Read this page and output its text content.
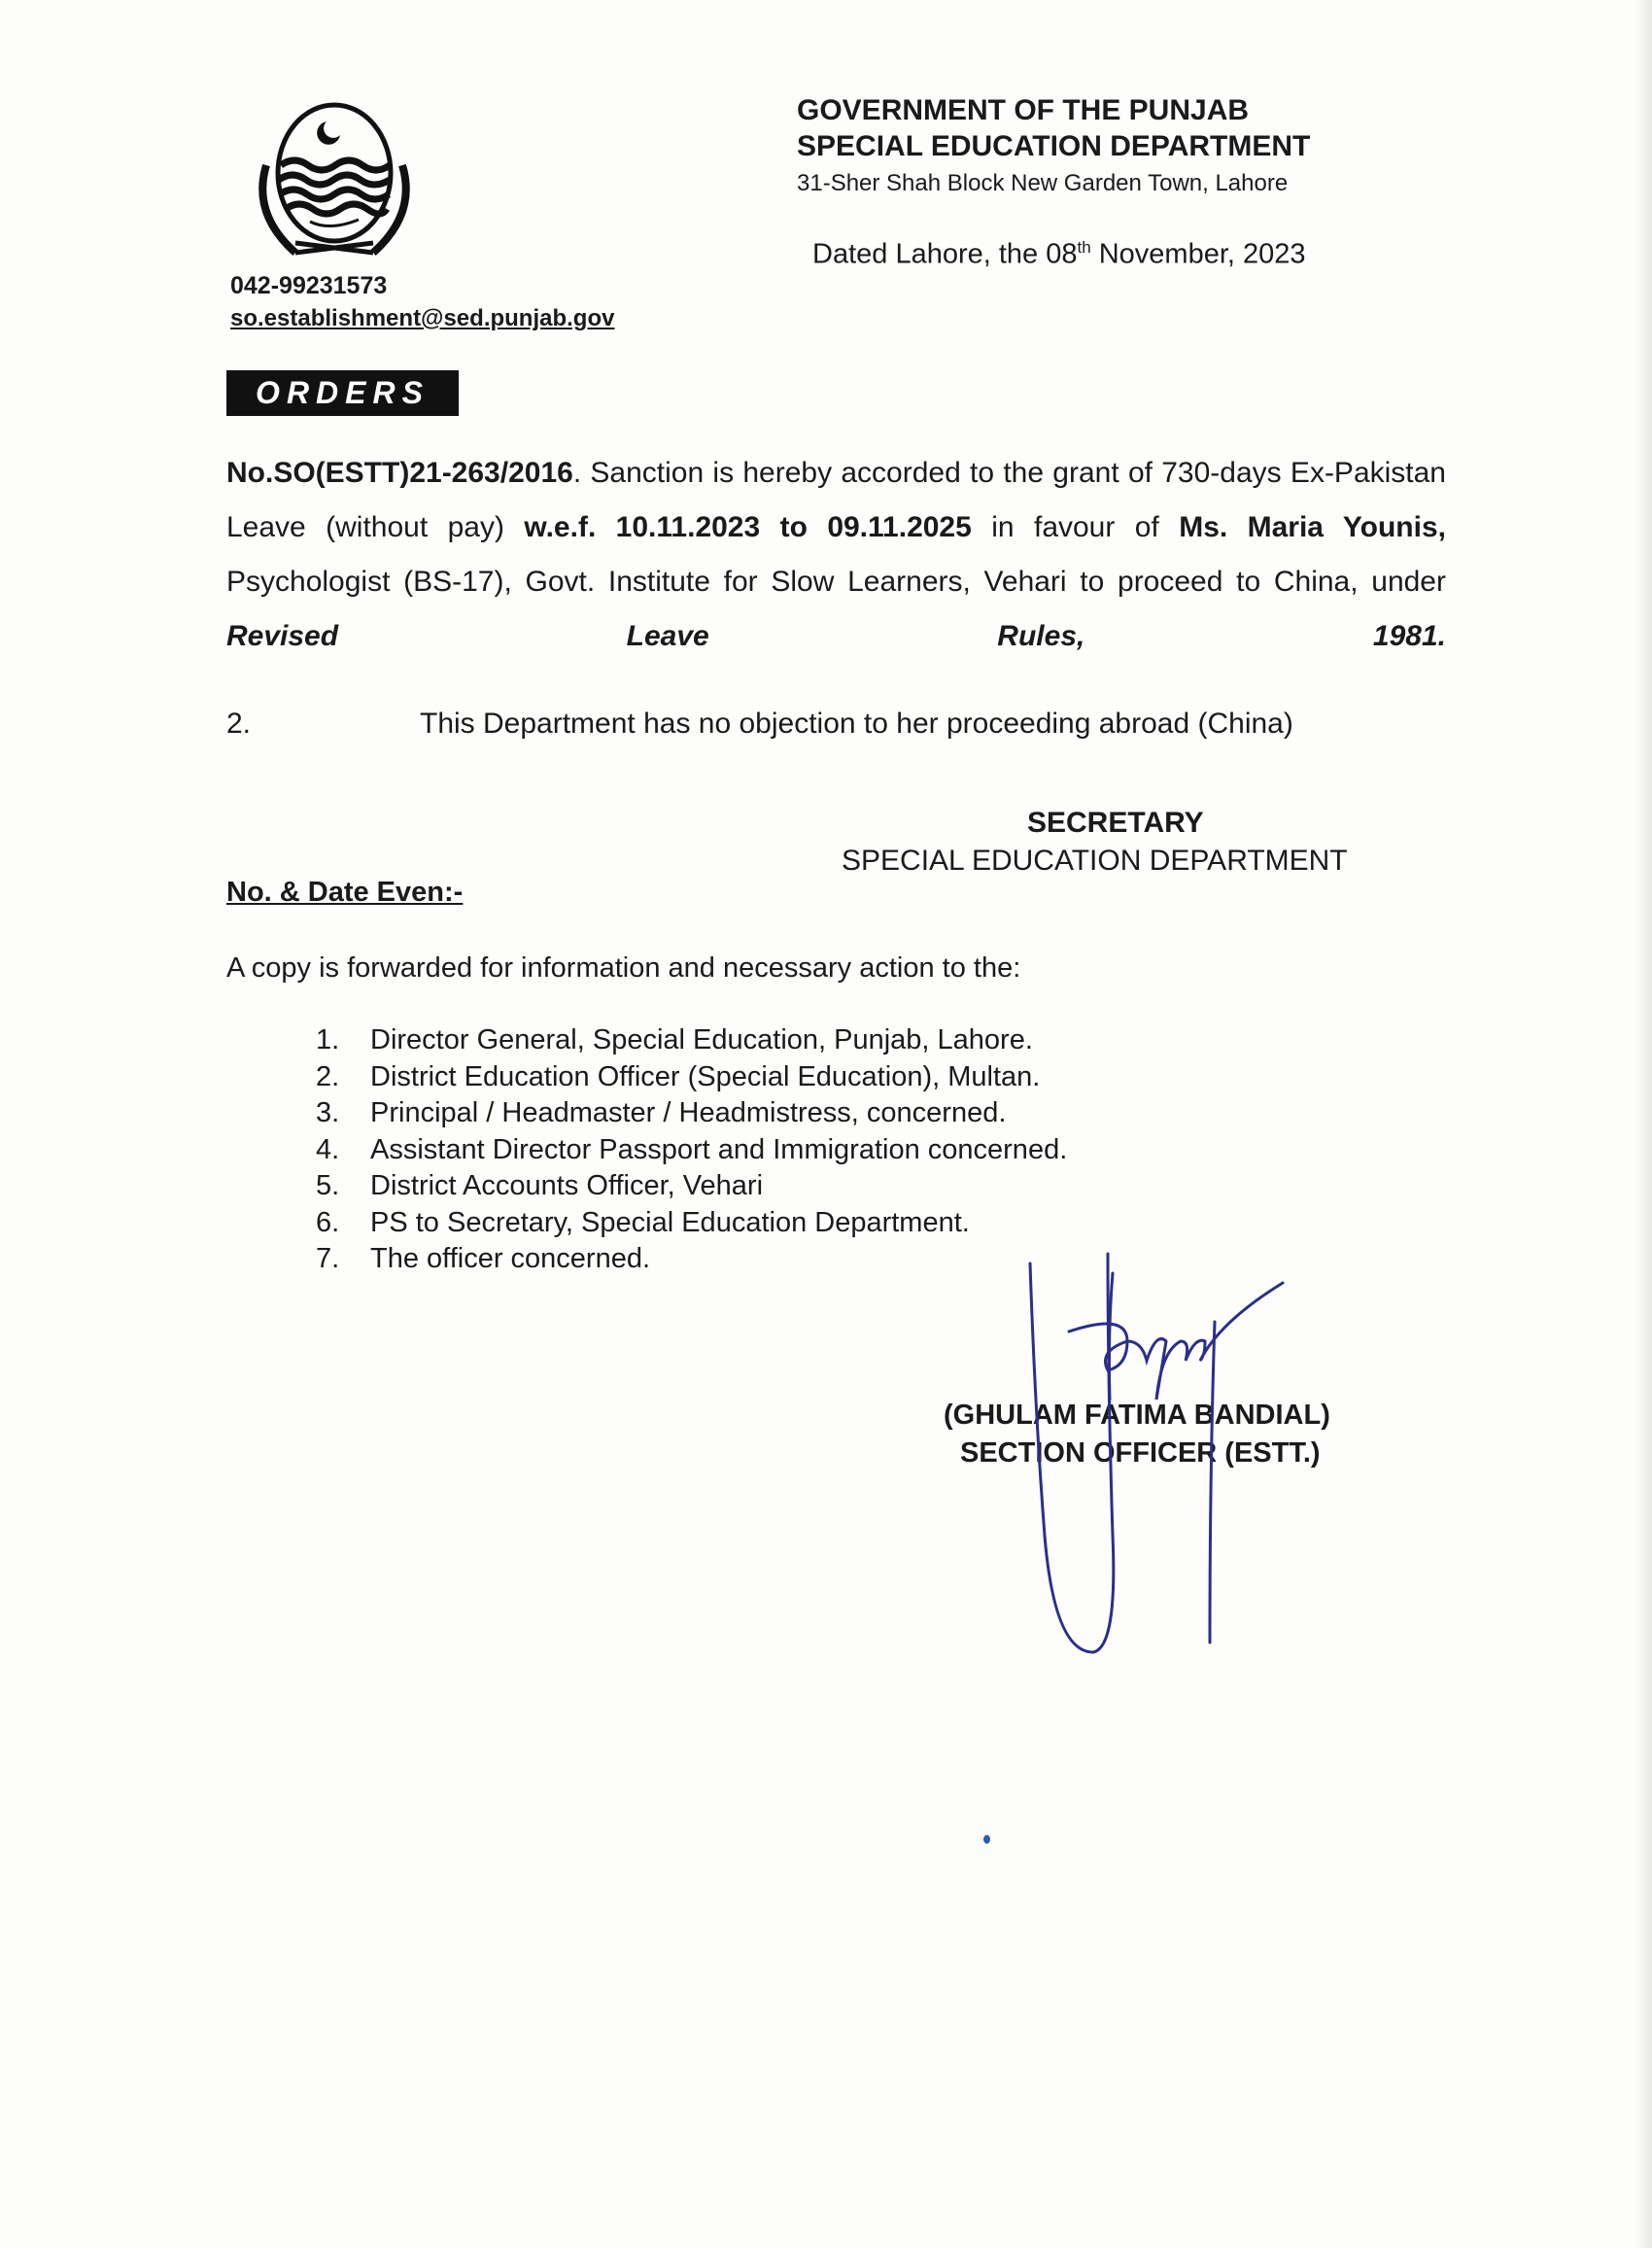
GOVERNMENT OF THE PUNJAB
SPECIAL EDUCATION DEPARTMENT
31-Sher Shah Block New Garden Town, Lahore
Dated Lahore, the 08th November, 2023
042-99231573
so.establishment@sed.punjab.gov
ORDERS
No.SO(ESTT)21-263/2016. Sanction is hereby accorded to the grant of 730-days Ex-Pakistan Leave (without pay) w.e.f. 10.11.2023 to 09.11.2025 in favour of Ms. Maria Younis, Psychologist (BS-17), Govt. Institute for Slow Learners, Vehari to proceed to China, under Revised Leave Rules, 1981.
2.	This Department has no objection to her proceeding abroad (China)
SECRETARY
SPECIAL EDUCATION DEPARTMENT
No. & Date Even:-
A copy is forwarded for information and necessary action to the:
1.	Director General, Special Education, Punjab, Lahore.
2.	District Education Officer (Special Education), Multan.
3.	Principal / Headmaster / Headmistress, concerned.
4.	Assistant Director Passport and Immigration concerned.
5.	District Accounts Officer, Vehari
6.	PS to Secretary, Special Education Department.
7.	The officer concerned.
(GHULAM FATIMA BANDIAL)
SECTION OFFICER (ESTT.)
